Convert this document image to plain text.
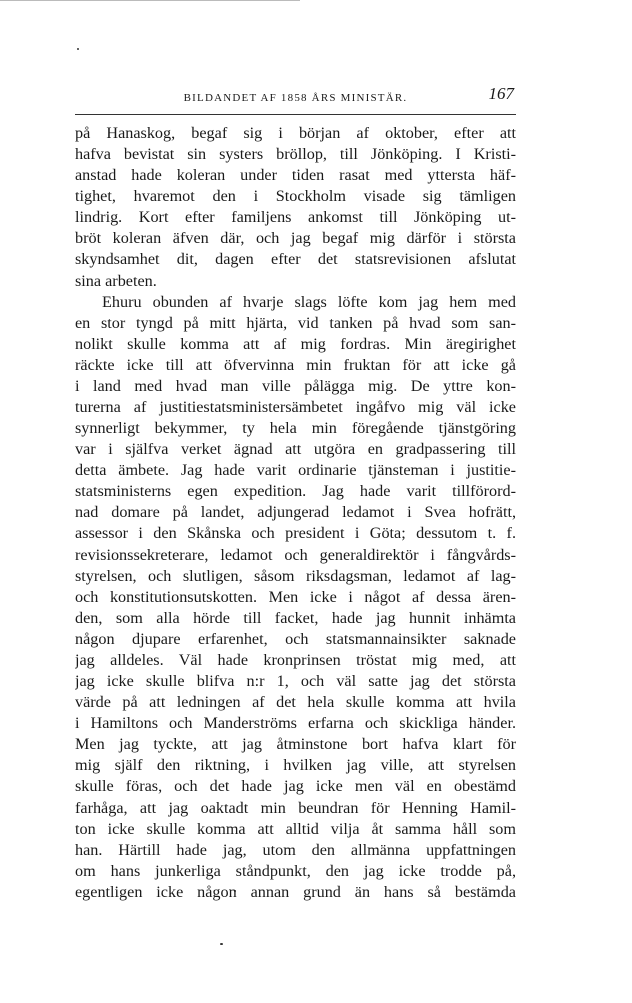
BILDANDET AF 1858 ÅRS MINISTÄR.	167
på Hanaskog, begaf sig i början af oktober, efter att
hafva bevistat sin systers bröllop, till Jönköping. I Kristi-
anstad hade koleran under tiden rasat med yttersta häf-
tighet, hvaremot den i Stockholm visade sig tämligen
lindrig. Kort efter familjens ankomst till Jönköping ut-
bröt koleran äfven där, och jag begaf mig därför i största
skyndsamhet dit, dagen efter det statsrevisionen afslutat
sina arbeten.
Ehuru obunden af hvarje slags löfte kom jag hem med
en stor tyngd på mitt hjärta, vid tanken på hvad som san-
nolikt skulle komma att af mig fordras. Min äregirighet
räckte icke till att öfvervinna min fruktan för att icke gå
i land med hvad man ville pålägga mig. De yttre kon-
turerna af justitiestatsministersämbetet ingåfvo mig väl icke
synnerligt bekymmer, ty hela min föregående tjänstgöring
var i själfva verket ägnad att utgöra en gradpassering till
detta ämbete. Jag hade varit ordinarie tjänsteman i justitie-
statsministerns egen expedition. Jag hade varit tillförord-
nad domare på landet, adjungerad ledamot i Svea hofrätt,
assessor i den Skånska och president i Göta; dessutom t. f.
revisionssekreterare, ledamot och generaldirektör i fångvårds-
styrelsen, och slutligen, såsom riksdagsman, ledamot af lag-
och konstitutionsutskotten. Men icke i något af dessa ären-
den, som alla hörde till facket, hade jag hunnit inhämta
någon djupare erfarenhet, och statsmannainsikter saknade
jag alldeles. Väl hade kronprinsen tröstat mig med, att
jag icke skulle blifva n:r 1, och väl satte jag det största
värde på att ledningen af det hela skulle komma att hvila
i Hamiltons och Manderströms erfarna och skickliga händer.
Men jag tyckte, att jag åtminstone bort hafva klart för
mig själf den riktning, i hvilken jag ville, att styrelsen
skulle föras, och det hade jag icke men väl en obestämd
farhåga, att jag oaktadt min beundran för Henning Hamil-
ton icke skulle komma att alltid vilja åt samma håll som
han. Härtill hade jag, utom den allmänna uppfattningen
om hans junkerliga ståndpunkt, den jag icke trodde på,
egentligen icke någon annan grund än hans så bestämda
